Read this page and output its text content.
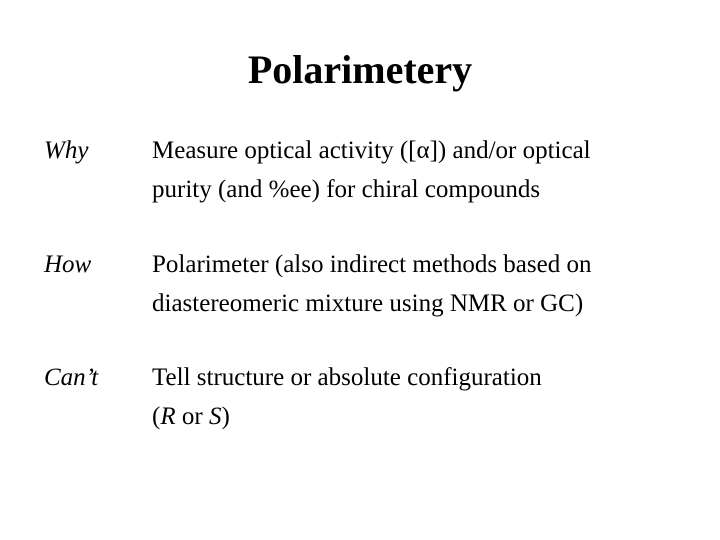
Polarimetery
Why	Measure optical activity ([α]) and/or optical
purity (and %ee) for chiral compounds
How Polarimeter (also indirect methods based on
diastereomeric mixture using NMR or GC)
Can’t Tell structure or absolute configuration
(R or S)
